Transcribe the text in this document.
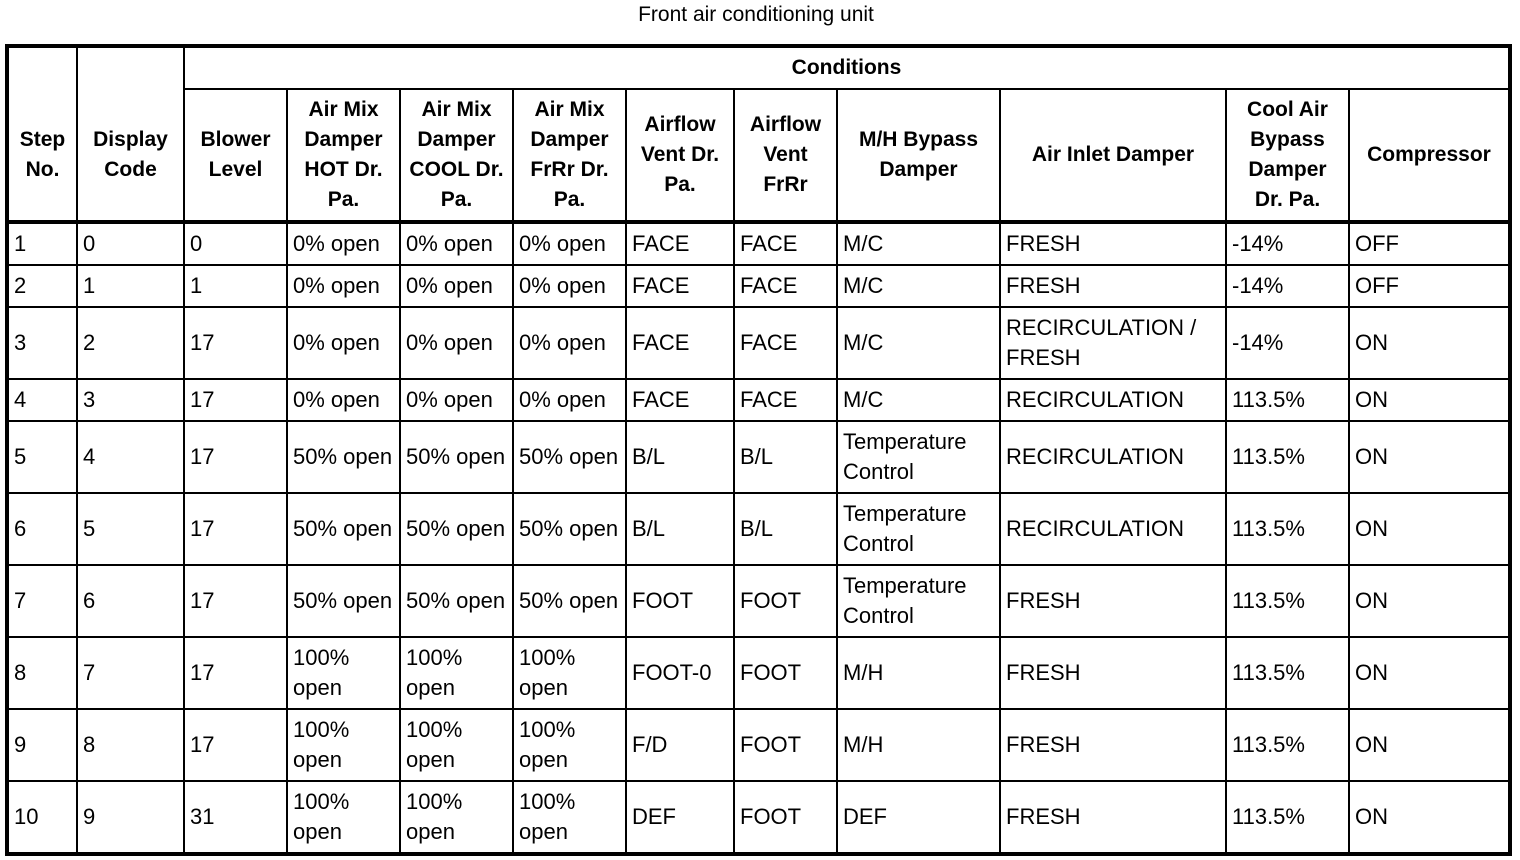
Front air conditioning unit
		Conditions									
Step No.	Display Code	Blower Level	Air Mix Damper HOT Dr. Pa.	Air Mix Damper COOL Dr. Pa.	Air Mix Damper FrRr Dr. Pa.	Airflow Vent Dr. Pa.	Airflow Vent FrRr	M/H Bypass Damper	Air Inlet Damper	Cool Air Bypass Damper Dr. Pa.	Compressor
1	0	0	0% open	0% open	0% open	FACE	FACE	M/C	FRESH	-14%	OFF
2	1	1	0% open	0% open	0% open	FACE	FACE	M/C	FRESH	-14%	OFF
3	2	17	0% open	0% open	0% open	FACE	FACE	M/C	RECIRCULATION / FRESH	-14%	ON
4	3	17	0% open	0% open	0% open	FACE	FACE	M/C	RECIRCULATION	113.5%	ON
5	4	17	50% open	50% open	50% open	B/L	B/L	Temperature Control	RECIRCULATION	113.5%	ON
6	5	17	50% open	50% open	50% open	B/L	B/L	Temperature Control	RECIRCULATION	113.5%	ON
7	6	17	50% open	50% open	50% open	FOOT	FOOT	Temperature Control	FRESH	113.5%	ON
8	7	17	100% open	100% open	100% open	FOOT-0	FOOT	M/H	FRESH	113.5%	ON
9	8	17	100% open	100% open	100% open	F/D	FOOT	M/H	FRESH	113.5%	ON
10	9	31	100% open	100% open	100% open	DEF	FOOT	DEF	FRESH	113.5%	ON
